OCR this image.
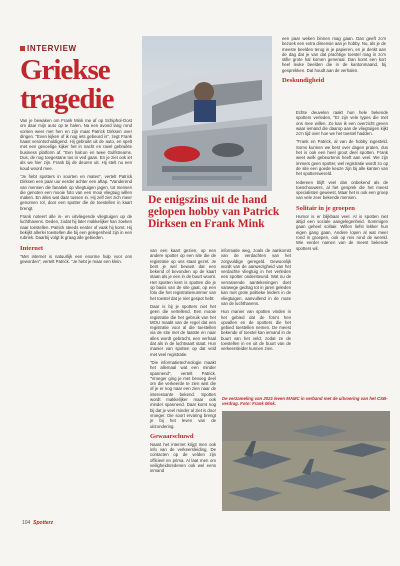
INTERVIEW
Griekse tragedie

een paar weken binnen mag gaan. Dan geeft zo'n bezoek een extra dimensie aan je hobby. Nu, als je de meeste beelden terug in je papieren, en je denkt aan de dag dat je van dat prachtige toestel mag in zo'n stille grote hal komen generaal. Dan komt een kort heel leuke beelden die in de kantonmaand, bij gesprekken. Dat houdt aan de verhalen.

Deskundigheid

Van je bewaken om Frank Mink me af op Schiphol-Oost om daar mijn auto op te halen. Na een avond lang rond vorsen weer met hen en zijn maat Patrick Dirksen over dingen. "Even kijken of ik nog iets gebeurd is", zegt Frank haast verontschuldigend. Hij gebruikt uit de auto, en spelt met een gevoelige kijker het in nacht en ravel gebruikte business platform af. "Een halcon en twee Gulfstreams. Dus, de nog toegestane tus in ved gaan. En je ziet ook iet als we hier zijn. Frank bij de deuren uit. Hij stelt nu een koud woord mee.

"Je hebt spotters in soorten en maten", vertelt Patrick Dirksen een paar uur eerder achter een aftap. "Vanderend van mensen die fanatiek op vliegtuigen jagen, tot mensen die genoten een mooie foto van een mooi vliegtuig willen maken. En alles wat daar tussen in. Hij zelf ziet zich meer genomen rol, door een spotter die de toestellen in kaart brengt.

Frank noteert alle in- en uitvliegende vliegtuigen op de luchthavens. Deden, zodat hij later makkelijker kan zoeken naar toestellen. Patrick steeds eerder of vaak hij komt. Hij bekijkt allerlei toestellen die bij een gelegenheid zijn in een rubriek. Daarbij volgt ik graag alle gebieden.

Internet

"Met internet is natuurlijk een enorme hulp voor ons geworden", vertelt Patrick. "Je hebt je maar een klein.

De enigszins uit de hand gelopen hobby van Patrick Dirksen en Frank Mink

van een kaart gezien, op een andere spotter op een site die de registratie op ons staat gezet. Je bent je wel bewust dat een bekend of bevonden op de kaart staan als je een in de buurt woont. Het spotten kent is spotten die je op basis van de site gaat, op een foto die het registratienummer van het toestel dat je niet gespot hebt.

Daar is bij je spotters niet het geen die vertellend. Een mooie registratie die het gebruik van het MOU maakt van de regel dat een registratie voor al die toestellen via de site met de laatste en naar alles wordt gebracht, een verhaal dat als in de luchtvaart staat. Hun manier van spotten op dat veld met veel registratie.

"Die informatietechnologie maakt het allemaal wat een minder spannend", vertelt Patrick. "Vroeger ging je met bevoeg deel om die verkeerde te zien wist die of je er nog naar een zien naar de interessante bekend. Spotten wordt makkelijker maar ook minder spannend. Daar komt nog bij dat je veel minder al ziet is door vroeger. Die soort ervaring brengt je bij het leven van de uitzondering.

Gewaarschuwd

Naast het internet krijgt men ook info van de verkeersleiding, De contacten op de velden zijn officieel en prima. Al laat men om veiligheidsredenen ook wel eens iemand

informatie weg, zoals de aankomst van de verdachten van het zorgvuldige geregeld. Gewoonlijk wordt van de aanwezigheid van het verdachte vliegtuig in het verleden een spotter ondersteund. Wat nu de verrassende aantekeningen doet vanwege gedrag tot in jaren geleden kan met grote politieke leiders in de vliegtuigen, aanvullend in de route van de luchthavens.

Hun manier van spotten vinden in het gebied dat de foto's hen opvallen en de spotters die het gebied toestellen nemen. De meest bekende of toestel kan iemand in de buurt van het veld, zodat ze de toestellen in en uit de buurt van de verkeersleider kunnen zien.

Echte deuvelen raakt hun hele bekende spotters verleden, "Er zijn vele types die met ons mee willen. Zo kan ik een overzicht geven waar iemand die daarop aan de vliegtuigen kijkt zo'n tijd over hoe we het toestel hadden.

"Frank en Patrick, al van de hobby ingesteld. Soms kunnen we best over dagen praten, dus het is ook een heel groot deel spotten. Frank weet welk gebeurtenis heeft aan veel. We zijn immers geen spotter, wel registratie wordt zo op de site een goede keuze zijn bij alle kanten van het spotterswereld.

Iedereen blijft veel dan onbekend als de toeschouwers, al het gesprek die het meest specialisten geweest. Maar het is ook een groep van vele zeer bekende mensen.

Solitair in je groepen

Humor is er blijkbaar veel. Al is spotten niet altijd een sociale aangelegenheid. Sommigen gaan geheel solitair. Willen liefst lekker hun eigen gang gaan, Andere lopen al wat meer rond in groepen, ook op reis rond de wereld. Wie eerder namen van de meest bekende spotters wil.

De verzameling van 2021 leven MAMC in verband met de uitvoering van het CSB-verdrag. Foto: Frank Mink.
104 Spotterz
